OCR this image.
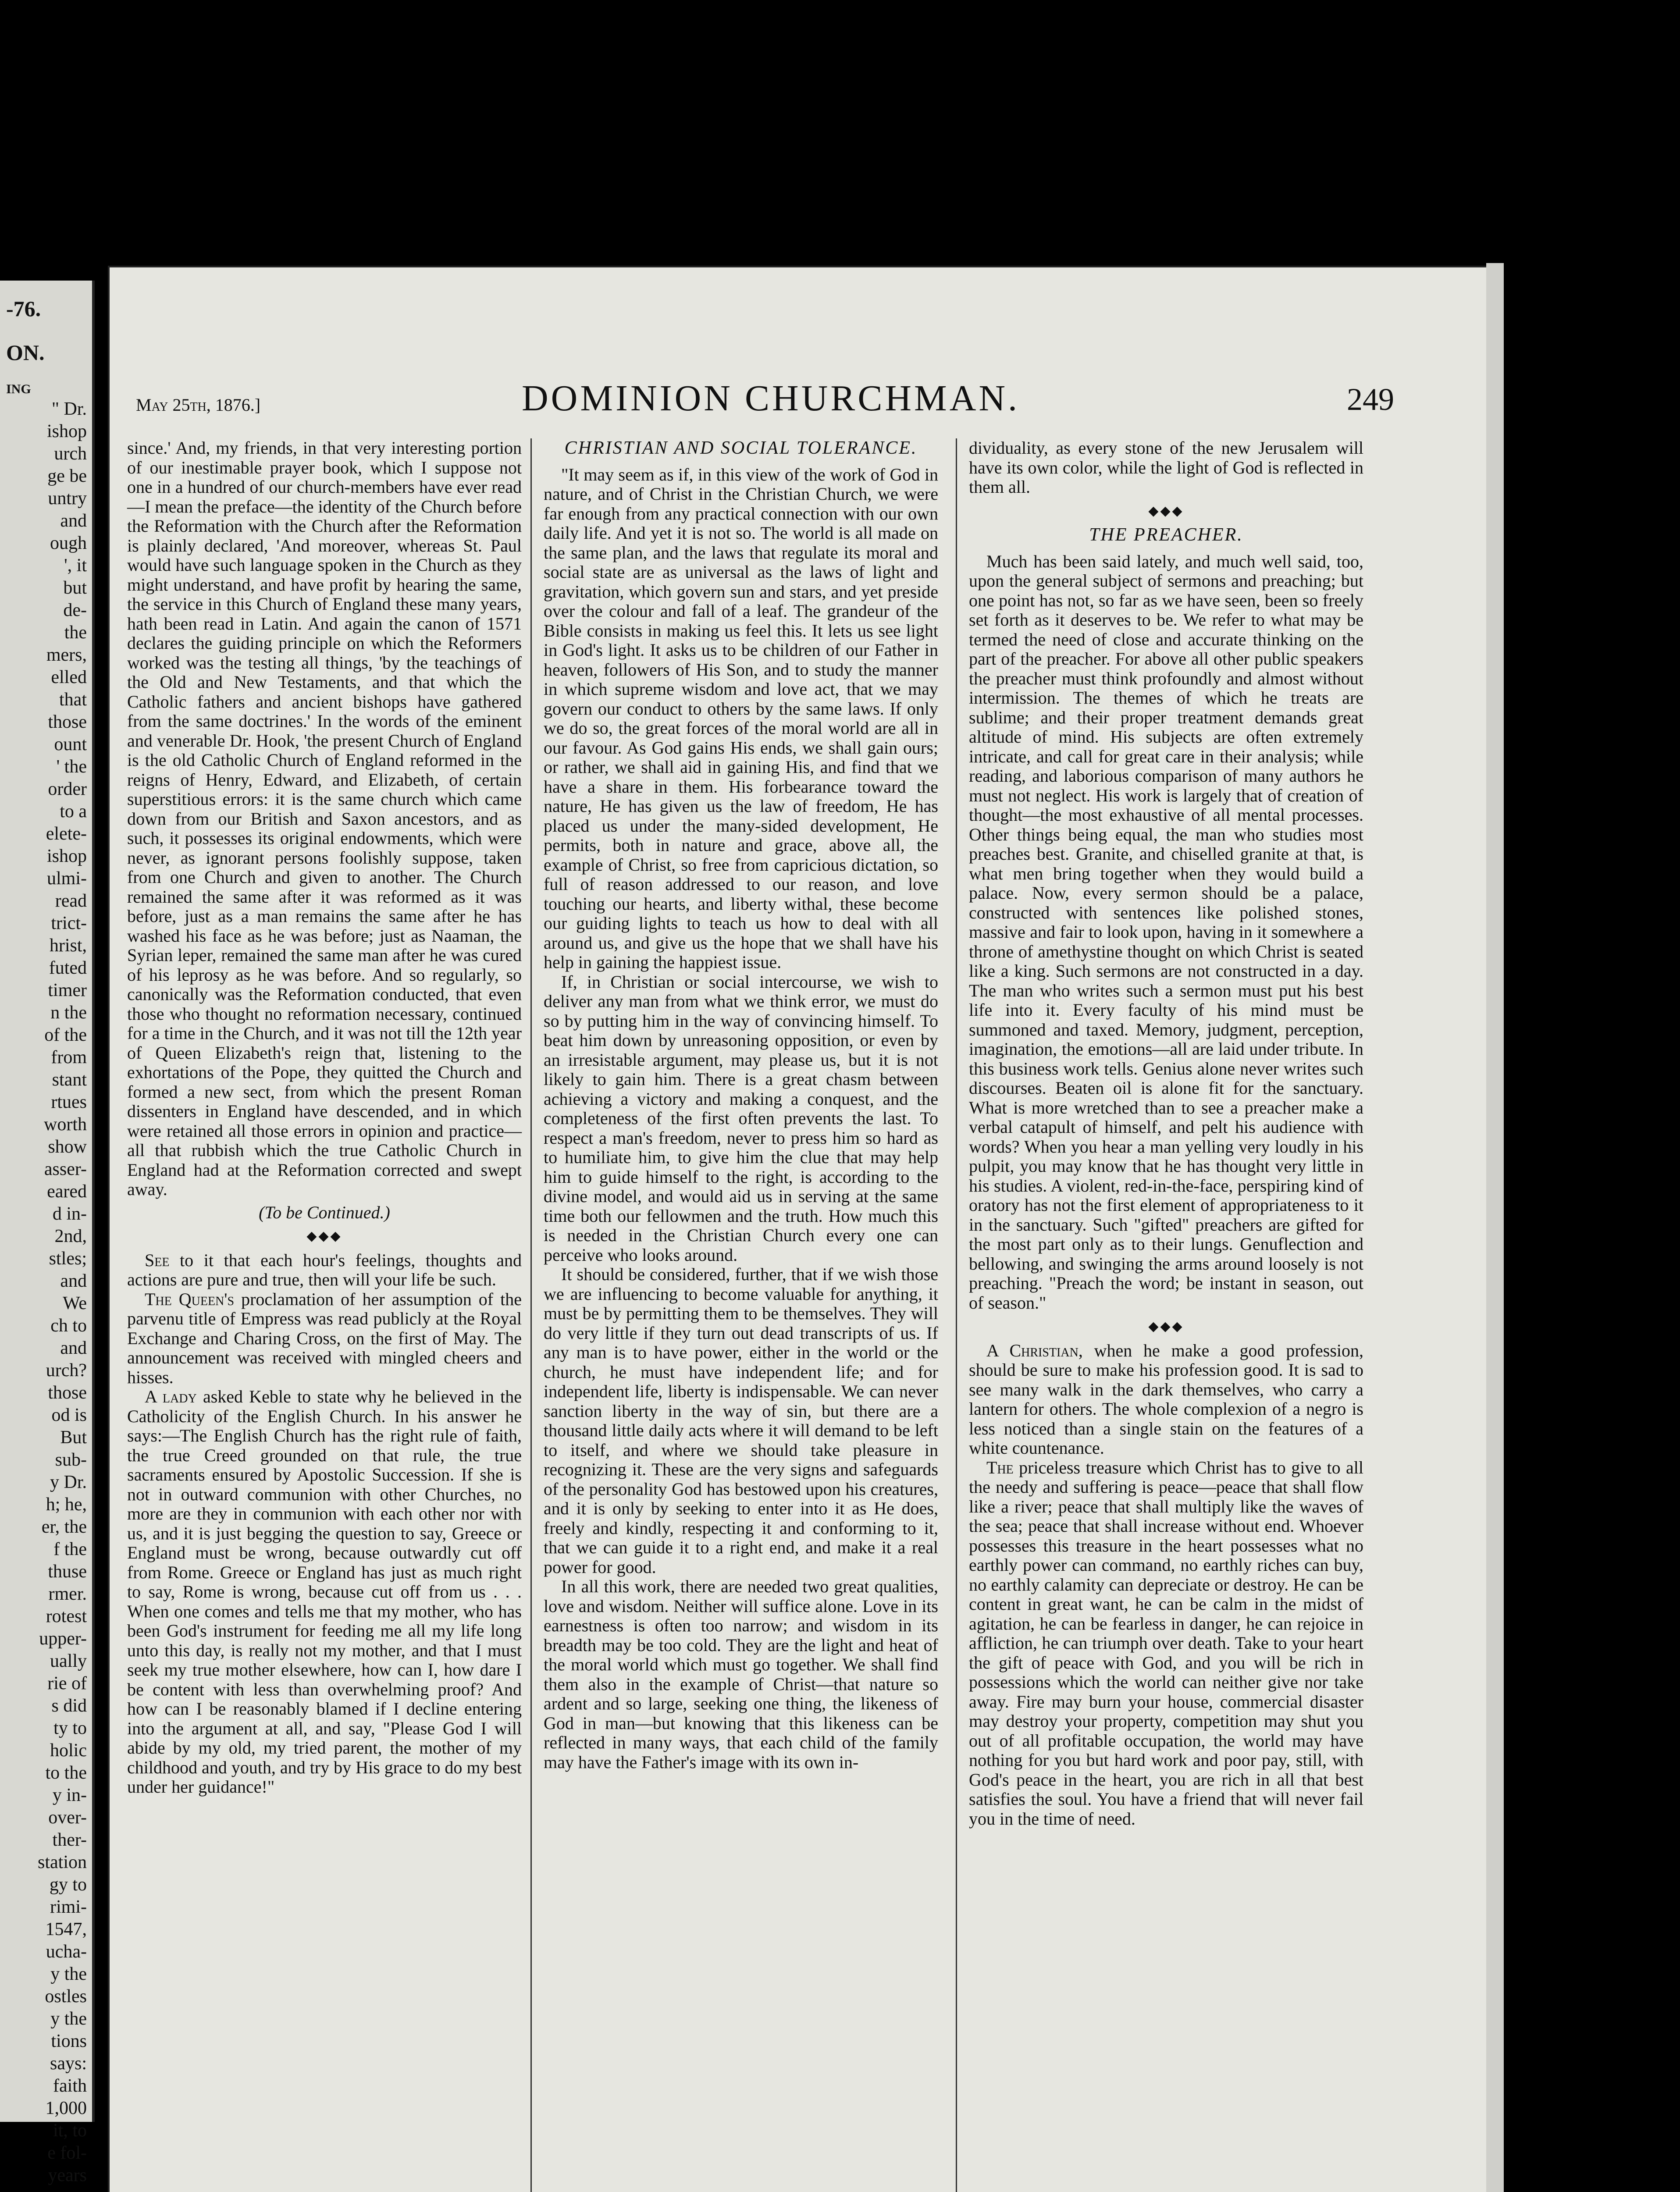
-76.
ON.
ING
" Dr.
ishop
urch
ge be
untry
and
ough
', it
but
de-
the
mers,
elled
that
those
ount
' the
order
to a
elete-
ishop
ulmi-
read
trict-
hrist,
futed
timer
n the
of the
from
stant
rtues
worth
show
asser-
eared
d in-
2nd,
stles;
and
We
ch to
and
urch?
those
od is
But
sub-
y Dr.
h; he,
er, the
f the
thuse
rmer.
rotest
upper-
ually
rie of
s did
ty to
holic
to the
y in-
over-
ther-
station
gy to
rimi-
1547,
ucha-
y the
ostles
y the
tions
says:
faith
1,000
it, to
e fol-
years
May 25th, 1876.]	DOMINION CHURCHMAN.	249

since.' And, my friends, in that very interesting portion of our inestimable prayer book, which I suppose not one in a hundred of our church-members have ever read—I mean the preface—the identity of the Church before the Reformation with the Church after the Reformation is plainly declared, 'And moreover, whereas St. Paul would have such language spoken in the Church as they might understand, and have profit by hearing the same, the service in this Church of England these many years, hath been read in Latin. And again the canon of 1571 declares the guiding principle on which the Reformers worked was the testing all things, 'by the teachings of the Old and New Testaments, and that which the Catholic fathers and ancient bishops have gathered from the same doctrines.' In the words of the eminent and venerable Dr. Hook, 'the present Church of England is the old Catholic Church of England reformed in the reigns of Henry, Edward, and Elizabeth, of certain superstitious errors: it is the same church which came down from our British and Saxon ancestors, and as such, it possesses its original endowments, which were never, as ignorant persons foolishly suppose, taken from one Church and given to another. The Church remained the same after it was reformed as it was before, just as a man remains the same after he has washed his face as he was before; just as Naaman, the Syrian leper, remained the same man after he was cured of his leprosy as he was before. And so regularly, so canonically was the Reformation conducted, that even those who thought no reformation necessary, continued for a time in the Church, and it was not till the 12th year of Queen Elizabeth's reign that, listening to the exhortations of the Pope, they quitted the Church and formed a new sect, from which the present Roman dissenters in England have descended, and in which were retained all those errors in opinion and practice—all that rubbish which the true Catholic Church in England had at the Reformation corrected and swept away.

(To be Continued.)
◆◆◆

See to it that each hour's feelings, thoughts and actions are pure and true, then will your life be such.

The Queen's proclamation of her assumption of the parvenu title of Empress was read publicly at the Royal Exchange and Charing Cross, on the first of May. The announcement was received with mingled cheers and hisses.

A lady asked Keble to state why he believed in the Catholicity of the English Church. In his answer he says:—The English Church has the right rule of faith, the true Creed grounded on that rule, the true sacraments ensured by Apostolic Succession. If she is not in outward communion with other Churches, no more are they in communion with each other nor with us, and it is just begging the question to say, Greece or England must be wrong, because outwardly cut off from Rome. Greece or England has just as much right to say, Rome is wrong, because cut off from us . . . When one comes and tells me that my mother, who has been God's instrument for feeding me all my life long unto this day, is really not my mother, and that I must seek my true mother elsewhere, how can I, how dare I be content with less than overwhelming proof? And how can I be reasonably blamed if I decline entering into the argument at all, and say, "Please God I will abide by my old, my tried parent, the mother of my childhood and youth, and try by His grace to do my best under her guidance!"

CHRISTIAN AND SOCIAL TOLERANCE.

"It may seem as if, in this view of the work of God in nature, and of Christ in the Christian Church, we were far enough from any practical connection with our own daily life. And yet it is not so. The world is all made on the same plan, and the laws that regulate its moral and social state are as universal as the laws of light and gravitation, which govern sun and stars, and yet preside over the colour and fall of a leaf. The grandeur of the Bible consists in making us feel this. It lets us see light in God's light. It asks us to be children of our Father in heaven, followers of His Son, and to study the manner in which supreme wisdom and love act, that we may govern our conduct to others by the same laws. If only we do so, the great forces of the moral world are all in our favour. As God gains His ends, we shall gain ours; or rather, we shall aid in gaining His, and find that we have a share in them. His forbearance toward the nature, He has given us the law of freedom, He has placed us under the many-sided development, He permits, both in nature and grace, above all, the example of Christ, so free from capricious dictation, so full of reason addressed to our reason, and love touching our hearts, and liberty withal, these become our guiding lights to teach us how to deal with all around us, and give us the hope that we shall have his help in gaining the happiest issue.

If, in Christian or social intercourse, we wish to deliver any man from what we think error, we must do so by putting him in the way of convincing himself. To beat him down by unreasoning opposition, or even by an irresistable argument, may please us, but it is not likely to gain him. There is a great chasm between achieving a victory and making a conquest, and the completeness of the first often prevents the last. To respect a man's freedom, never to press him so hard as to humiliate him, to give him the clue that may help him to guide himself to the right, is according to the divine model, and would aid us in serving at the same time both our fellowmen and the truth. How much this is needed in the Christian Church every one can perceive who looks around.

It should be considered, further, that if we wish those we are influencing to become valuable for anything, it must be by permitting them to be themselves. They will do very little if they turn out dead transcripts of us. If any man is to have power, either in the world or the church, he must have independent life; and for independent life, liberty is indispensable. We can never sanction liberty in the way of sin, but there are a thousand little daily acts where it will demand to be left to itself, and where we should take pleasure in recognizing it. These are the very signs and safeguards of the personality God has bestowed upon his creatures, and it is only by seeking to enter into it as He does, freely and kindly, respecting it and conforming to it, that we can guide it to a right end, and make it a real power for good.

In all this work, there are needed two great qualities, love and wisdom. Neither will suffice alone. Love in its earnestness is often too narrow; and wisdom in its breadth may be too cold. They are the light and heat of the moral world which must go together. We shall find them also in the example of Christ—that nature so ardent and so large, seeking one thing, the likeness of God in man—but knowing that this likeness can be reflected in many ways, that each child of the family may have the Father's image with its own in-

dividuality, as every stone of the new Jerusalem will have its own color, while the light of God is reflected in them all.

◆◆◆
THE PREACHER.

Much has been said lately, and much well said, too, upon the general subject of sermons and preaching; but one point has not, so far as we have seen, been so freely set forth as it deserves to be. We refer to what may be termed the need of close and accurate thinking on the part of the preacher. For above all other public speakers the preacher must think profoundly and almost without intermission. The themes of which he treats are sublime; and their proper treatment demands great altitude of mind. His subjects are often extremely intricate, and call for great care in their analysis; while reading, and laborious comparison of many authors he must not neglect. His work is largely that of creation of thought—the most exhaustive of all mental processes. Other things being equal, the man who studies most preaches best. Granite, and chiselled granite at that, is what men bring together when they would build a palace. Now, every sermon should be a palace, constructed with sentences like polished stones, massive and fair to look upon, having in it somewhere a throne of amethystine thought on which Christ is seated like a king. Such sermons are not constructed in a day. The man who writes such a sermon must put his best life into it. Every faculty of his mind must be summoned and taxed. Memory, judgment, perception, imagination, the emotions—all are laid under tribute. In this business work tells. Genius alone never writes such discourses. Beaten oil is alone fit for the sanctuary. What is more wretched than to see a preacher make a verbal catapult of himself, and pelt his audience with words? When you hear a man yelling very loudly in his pulpit, you may know that he has thought very little in his studies. A violent, red-in-the-face, perspiring kind of oratory has not the first element of appropriateness to it in the sanctuary. Such "gifted" preachers are gifted for the most part only as to their lungs. Genuflection and bellowing, and swinging the arms around loosely is not preaching. "Preach the word; be instant in season, out of season."

◆◆◆

A Christian, when he make a good profession, should be sure to make his profession good. It is sad to see many walk in the dark themselves, who carry a lantern for others. The whole complexion of a negro is less noticed than a single stain on the features of a white countenance.

The priceless treasure which Christ has to give to all the needy and suffering is peace—peace that shall flow like a river; peace that shall multiply like the waves of the sea; peace that shall increase without end. Whoever possesses this treasure in the heart possesses what no earthly power can command, no earthly riches can buy, no earthly calamity can depreciate or destroy. He can be content in great want, he can be calm in the midst of agitation, he can be fearless in danger, he can rejoice in affliction, he can triumph over death. Take to your heart the gift of peace with God, and you will be rich in possessions which the world can neither give nor take away. Fire may burn your house, commercial disaster may destroy your property, competition may shut you out of all profitable occupation, the world may have nothing for you but hard work and poor pay, still, with God's peace in the heart, you are rich in all that best satisfies the soul. You have a friend that will never fail you in the time of need.
